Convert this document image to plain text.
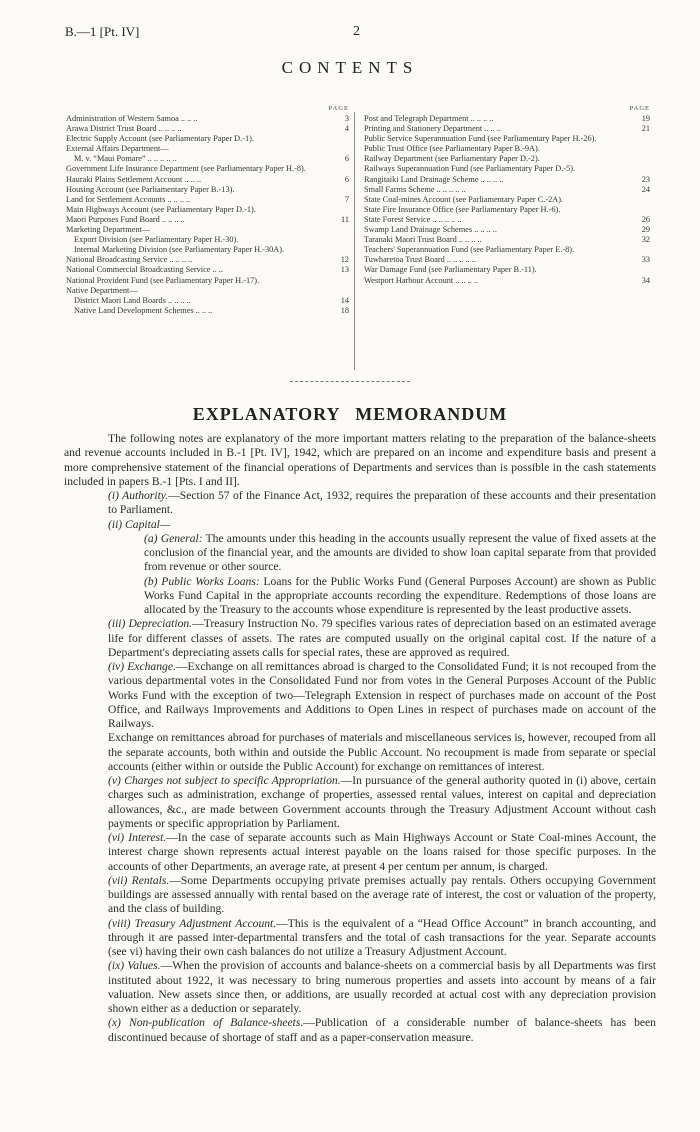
B.—1 [Pt. IV]	2
CONTENTS
PAGE
Administration of Western Samoa .. .. ..	3
Arawa District Trust Board .. .. .. ..	4
Electric Supply Account (see Parliamentary Paper D.-1).
External Affairs Department—
M. v. “Maui Pomare” .. .. .. .. ..	6
Government Life Insurance Department (see Parliamentary Paper H.-8).
Hauraki Plains Settlement Account .. .. ..	6
Housing Account (see Parliamentary Paper B.-13).
Land for Settlement Accounts .. .. .. ..	7
Main Highways Account (see Parliamentary Paper D.-1).
Maori Purposes Fund Board .. .. .. ..	11
Marketing Department—
Export Division (see Parliamentary Paper H.-30).
Internal Marketing Division (see Parliamentary Paper H.-30A).
National Broadcasting Service .. .. .. ..	12
National Commercial Broadcasting Service .. ..	13
National Provident Fund (see Parliamentary Paper H.-17).
Native Department—
District Maori Land Boards .. .. .. ..	14
Native Land Development Schemes .. .. ..	18
PAGE
Post and Telegraph Department .. .. .. ..	19
Printing and Stationery Department .. .. ..	21
Public Service Superannuation Fund (see Parliamentary Paper H.-26).
Public Trust Office (see Parliamentary Paper B.-9A).
Railway Department (see Parliamentary Paper D.-2).
Railways Superannuation Fund (see Parliamentary Paper D.-5).
Rangitaiki Land Drainage Scheme .. .. .. ..	23
Small Farms Scheme .. .. .. .. ..	24
State Coal-mines Account (see Parliamentary Paper C.-2A).
State Fire Insurance Office (see Parliamentary Paper H.-6).
State Forest Service .. .. .. .. ..	26
Swamp Land Drainage Schemes .. .. .. ..	29
Taranaki Maori Trust Board .. .. .. ..	32
Teachers' Superannuation Fund (see Parliamentary Paper E.-8).
Tuwharetoa Trust Board .. .. .. .. ..	33
War Damage Fund (see Parliamentary Paper B.-11).
Westport Harbour Account .. .. .. ..	34
EXPLANATORY MEMORANDUM

The following notes are explanatory of the more important matters relating to the preparation of the balance-sheets and revenue accounts included in B.-1 [Pt. IV], 1942, which are prepared on an income and expenditure basis and present a more comprehensive statement of the financial operations of Departments and services than is possible in the cash statements included in papers B.-1 [Pts. I and II].

(i) Authority.—Section 57 of the Finance Act, 1932, requires the preparation of these accounts and their presentation to Parliament.

(ii) Capital—

(a) General: The amounts under this heading in the accounts usually represent the value of fixed assets at the conclusion of the financial year, and the amounts are divided to show loan capital separate from that provided from revenue or other source.

(b) Public Works Loans: Loans for the Public Works Fund (General Purposes Account) are shown as Public Works Fund Capital in the appropriate accounts recording the expenditure. Redemptions of those loans are allocated by the Treasury to the accounts whose expenditure is represented by the least productive assets.

(iii) Depreciation.—Treasury Instruction No. 79 specifies various rates of depreciation based on an estimated average life for different classes of assets. The rates are computed usually on the original capital cost. If the nature of a Department's depreciating assets calls for special rates, these are approved as required.

(iv) Exchange.—Exchange on all remittances abroad is charged to the Consolidated Fund; it is not recouped from the various departmental votes in the Consolidated Fund nor from votes in the General Purposes Account of the Public Works Fund with the exception of two—Telegraph Extension in respect of purchases made on account of the Post Office, and Railways Improvements and Additions to Open Lines in respect of purchases made on account of the Railways.

Exchange on remittances abroad for purchases of materials and miscellaneous services is, however, recouped from all the separate accounts, both within and outside the Public Account. No recoupment is made from separate or special accounts (either within or outside the Public Account) for exchange on remittances of interest.

(v) Charges not subject to specific Appropriation.—In pursuance of the general authority quoted in (i) above, certain charges such as administration, exchange of properties, assessed rental values, interest on capital and depreciation allowances, &c., are made between Government accounts through the Treasury Adjustment Account without cash payments or specific appropriation by Parliament.

(vi) Interest.—In the case of separate accounts such as Main Highways Account or State Coal-mines Account, the interest charge shown represents actual interest payable on the loans raised for those specific purposes. In the accounts of other Departments, an average rate, at present 4 per centum per annum, is charged.

(vii) Rentals.—Some Departments occupying private premises actually pay rentals. Others occupying Government buildings are assessed annually with rental based on the average rate of interest, the cost or valuation of the property, and the class of building.

(viii) Treasury Adjustment Account.—This is the equivalent of a “Head Office Account” in branch accounting, and through it are passed inter-departmental transfers and the total of cash transactions for the year. Separate accounts (see vi) having their own cash balances do not utilize a Treasury Adjustment Account.

(ix) Values.—When the provision of accounts and balance-sheets on a commercial basis by all Departments was first instituted about 1922, it was necessary to bring numerous properties and assets into account by means of a fair valuation. New assets since then, or additions, are usually recorded at actual cost with any depreciation provision shown either as a deduction or separately.

(x) Non-publication of Balance-sheets.—Publication of a considerable number of balance-sheets has been discontinued because of shortage of staff and as a paper-conservation measure.
